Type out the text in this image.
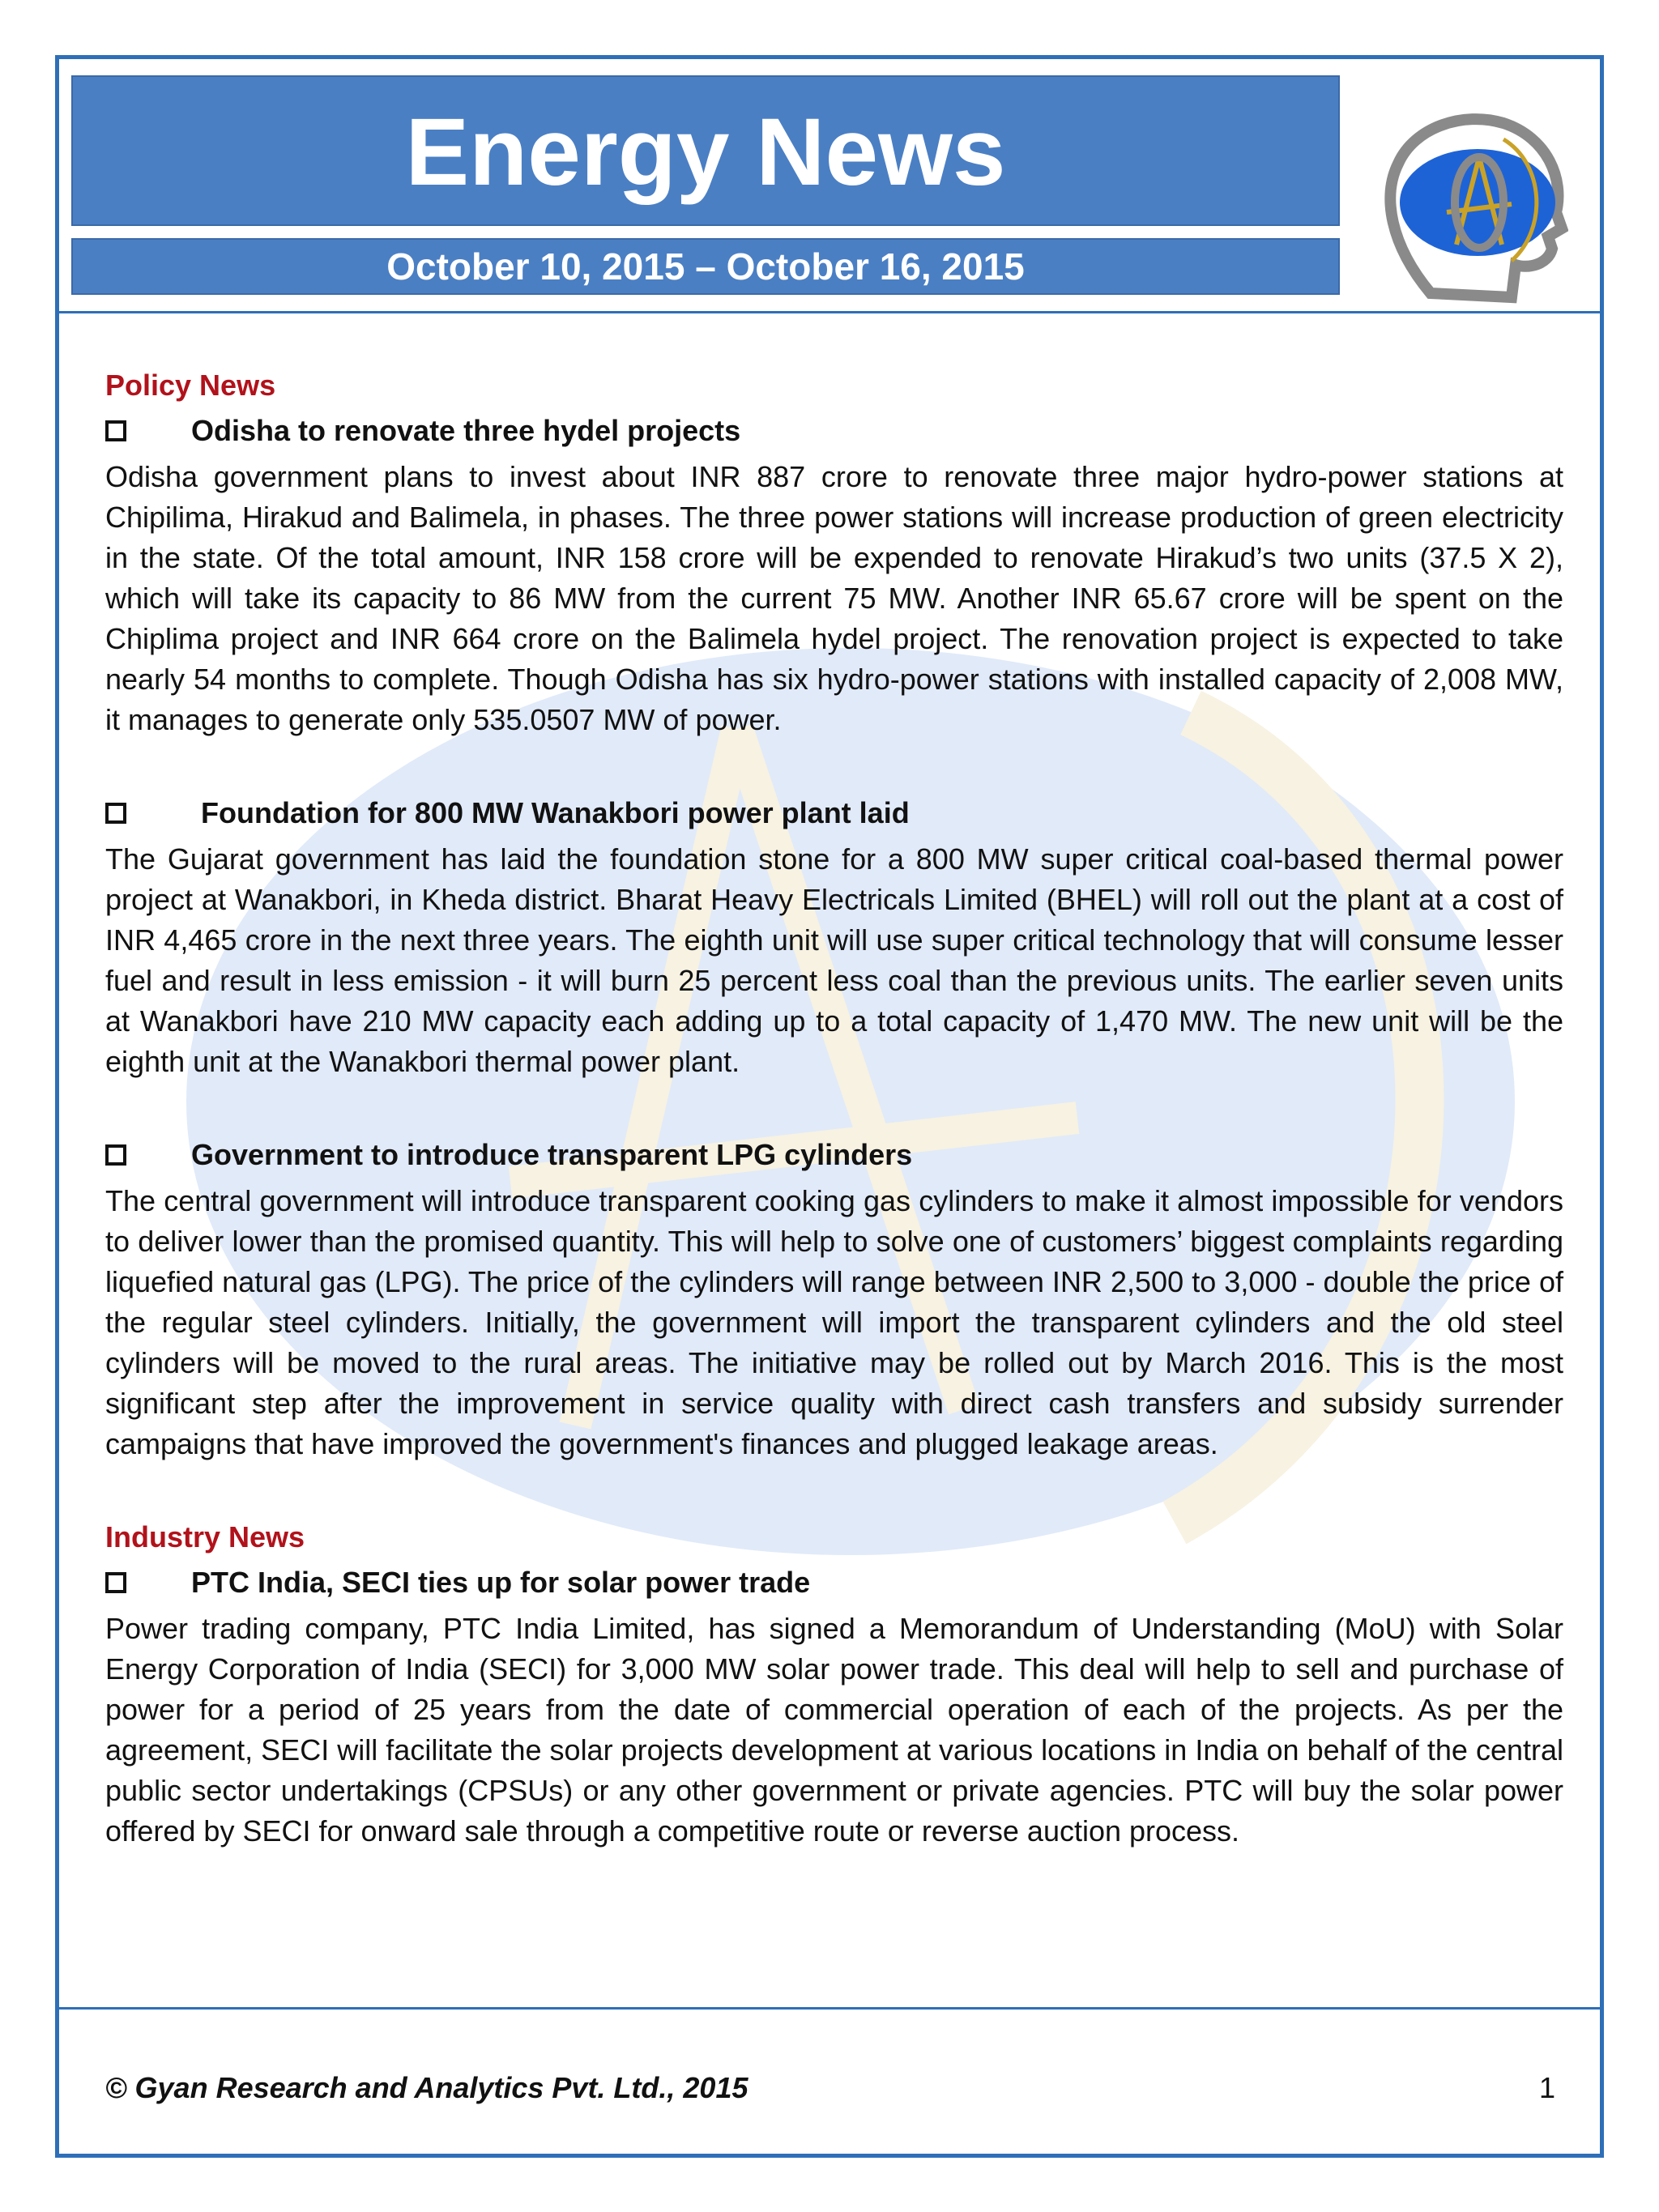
Energy News
October 10, 2015 – October 16, 2015
Policy News
Odisha to renovate three hydel projects

Odisha government plans to invest about INR 887 crore to renovate three major hydro-power stations at Chipilima, Hirakud and Balimela, in phases. The three power stations will increase production of green electricity in the state. Of the total amount, INR 158 crore will be expended to renovate Hirakud’s two units (37.5 X 2), which will take its capacity to 86 MW from the current 75 MW. Another INR 65.67 crore will be spent on the Chiplima project and INR 664 crore on the Balimela hydel project. The renovation project is expected to take nearly 54 months to complete. Though Odisha has six hydro-power stations with installed capacity of 2,008 MW, it manages to generate only 535.0507 MW of power.

Foundation for 800 MW Wanakbori power plant laid

The Gujarat government has laid the foundation stone for a 800 MW super critical coal-based thermal power project at Wanakbori, in Kheda district. Bharat Heavy Electricals Limited (BHEL) will roll out the plant at a cost of INR 4,465 crore in the next three years. The eighth unit will use super critical technology that will consume lesser fuel and result in less emission - it will burn 25 percent less coal than the previous units. The earlier seven units at Wanakbori have 210 MW capacity each adding up to a total capacity of 1,470 MW. The new unit will be the eighth unit at the Wanakbori thermal power plant.

Government to introduce transparent LPG cylinders

The central government will introduce transparent cooking gas cylinders to make it almost impossible for vendors to deliver lower than the promised quantity. This will help to solve one of customers’ biggest complaints regarding liquefied natural gas (LPG). The price of the cylinders will range between INR 2,500 to 3,000 - double the price of the regular steel cylinders. Initially, the government will import the transparent cylinders and the old steel cylinders will be moved to the rural areas. The initiative may be rolled out by March 2016. This is the most significant step after the improvement in service quality with direct cash transfers and subsidy surrender campaigns that have improved the government's finances and plugged leakage areas.

Industry News
PTC India, SECI ties up for solar power trade

Power trading company, PTC India Limited, has signed a Memorandum of Understanding (MoU) with Solar Energy Corporation of India (SECI) for 3,000 MW solar power trade. This deal will help to sell and purchase of power for a period of 25 years from the date of commercial operation of each of the projects. As per the agreement, SECI will facilitate the solar projects development at various locations in India on behalf of the central public sector undertakings (CPSUs) or any other government or private agencies. PTC will buy the solar power offered by SECI for onward sale through a competitive route or reverse auction process.

© Gyan Research and Analytics Pvt. Ltd., 2015	1
